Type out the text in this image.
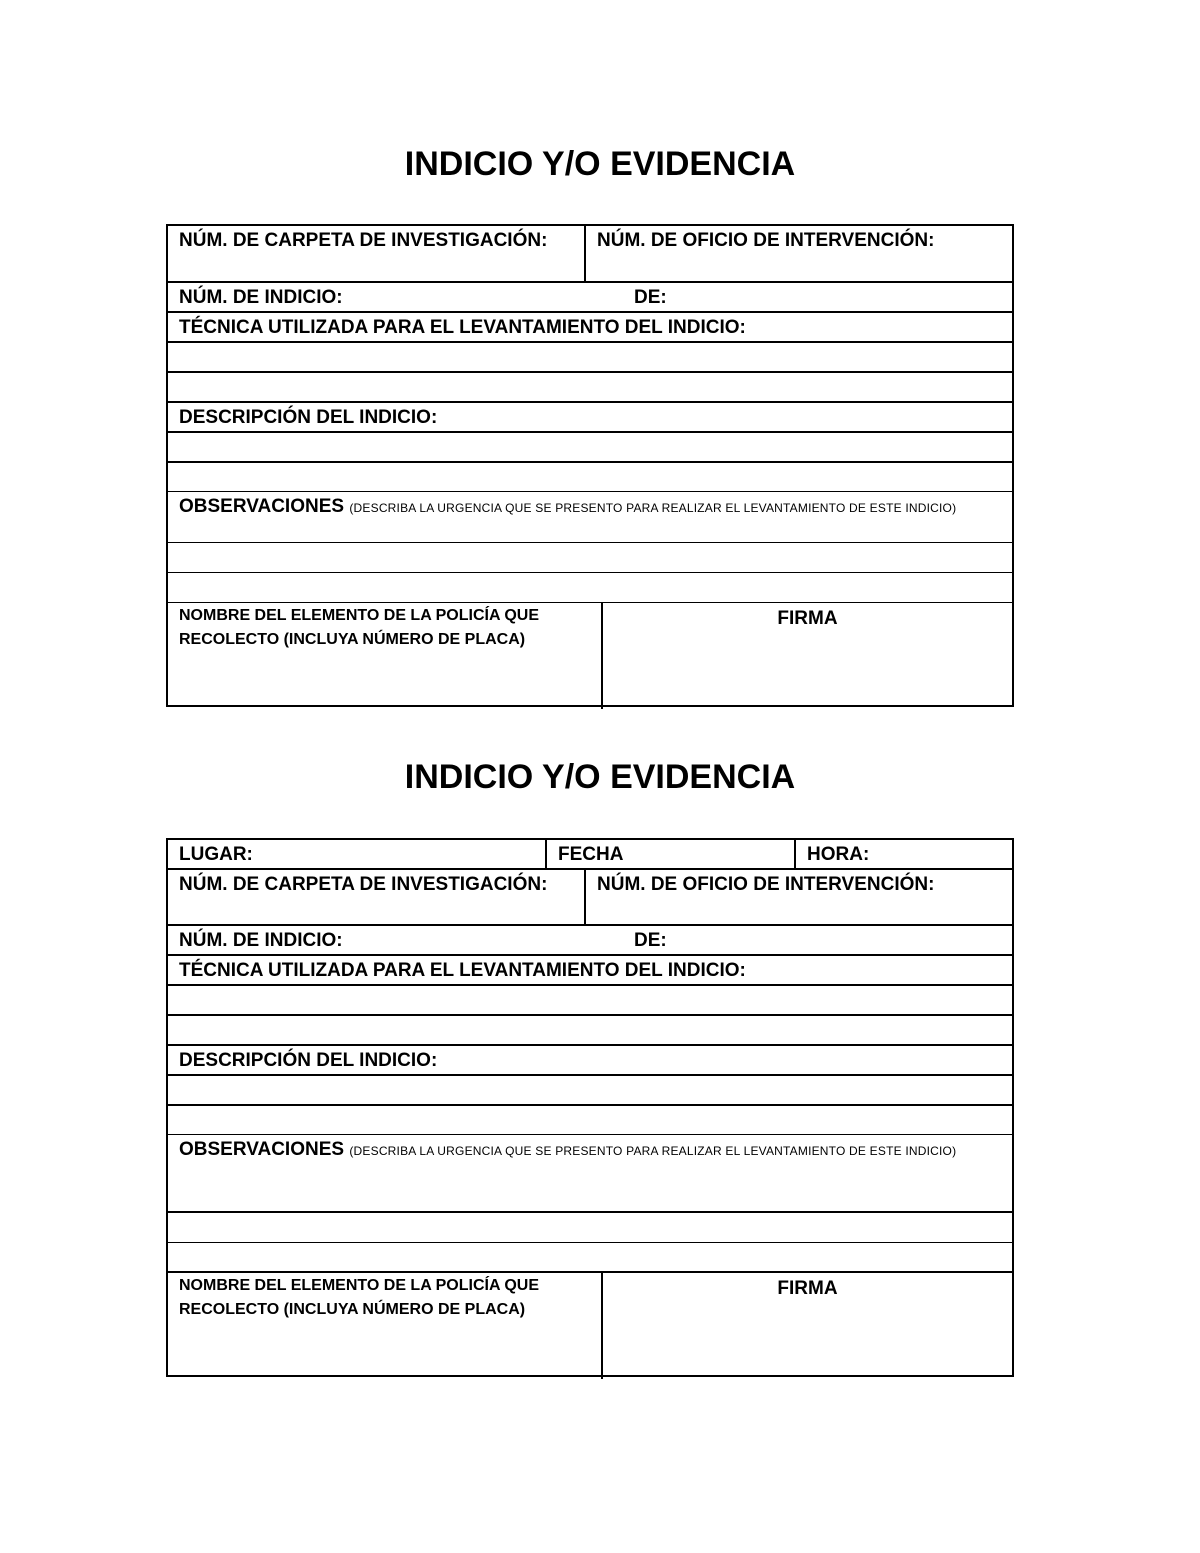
INDICIO Y/O EVIDENCIA
NÚM. DE CARPETA DE INVESTIGACIÓN:	NÚM. DE OFICIO DE INTERVENCIÓN:
NÚM. DE INDICIO:	DE:
TÉCNICA UTILIZADA PARA EL LEVANTAMIENTO DEL INDICIO:
DESCRIPCIÓN DEL INDICIO:
OBSERVACIONES (DESCRIBA LA URGENCIA QUE SE PRESENTO PARA REALIZAR EL LEVANTAMIENTO DE ESTE INDICIO)
NOMBRE DEL ELEMENTO DE LA POLICÍA QUE
RECOLECTO (INCLUYA NÚMERO DE PLACA)
FIRMA
INDICIO Y/O EVIDENCIA
LUGAR:	FECHA	HORA:
NÚM. DE CARPETA DE INVESTIGACIÓN:	NÚM. DE OFICIO DE INTERVENCIÓN:
NÚM. DE INDICIO:	DE:
TÉCNICA UTILIZADA PARA EL LEVANTAMIENTO DEL INDICIO:
DESCRIPCIÓN DEL INDICIO:
OBSERVACIONES (DESCRIBA LA URGENCIA QUE SE PRESENTO PARA REALIZAR EL LEVANTAMIENTO DE ESTE INDICIO)
NOMBRE DEL ELEMENTO DE LA POLICÍA QUE
RECOLECTO (INCLUYA NÚMERO DE PLACA)
FIRMA
